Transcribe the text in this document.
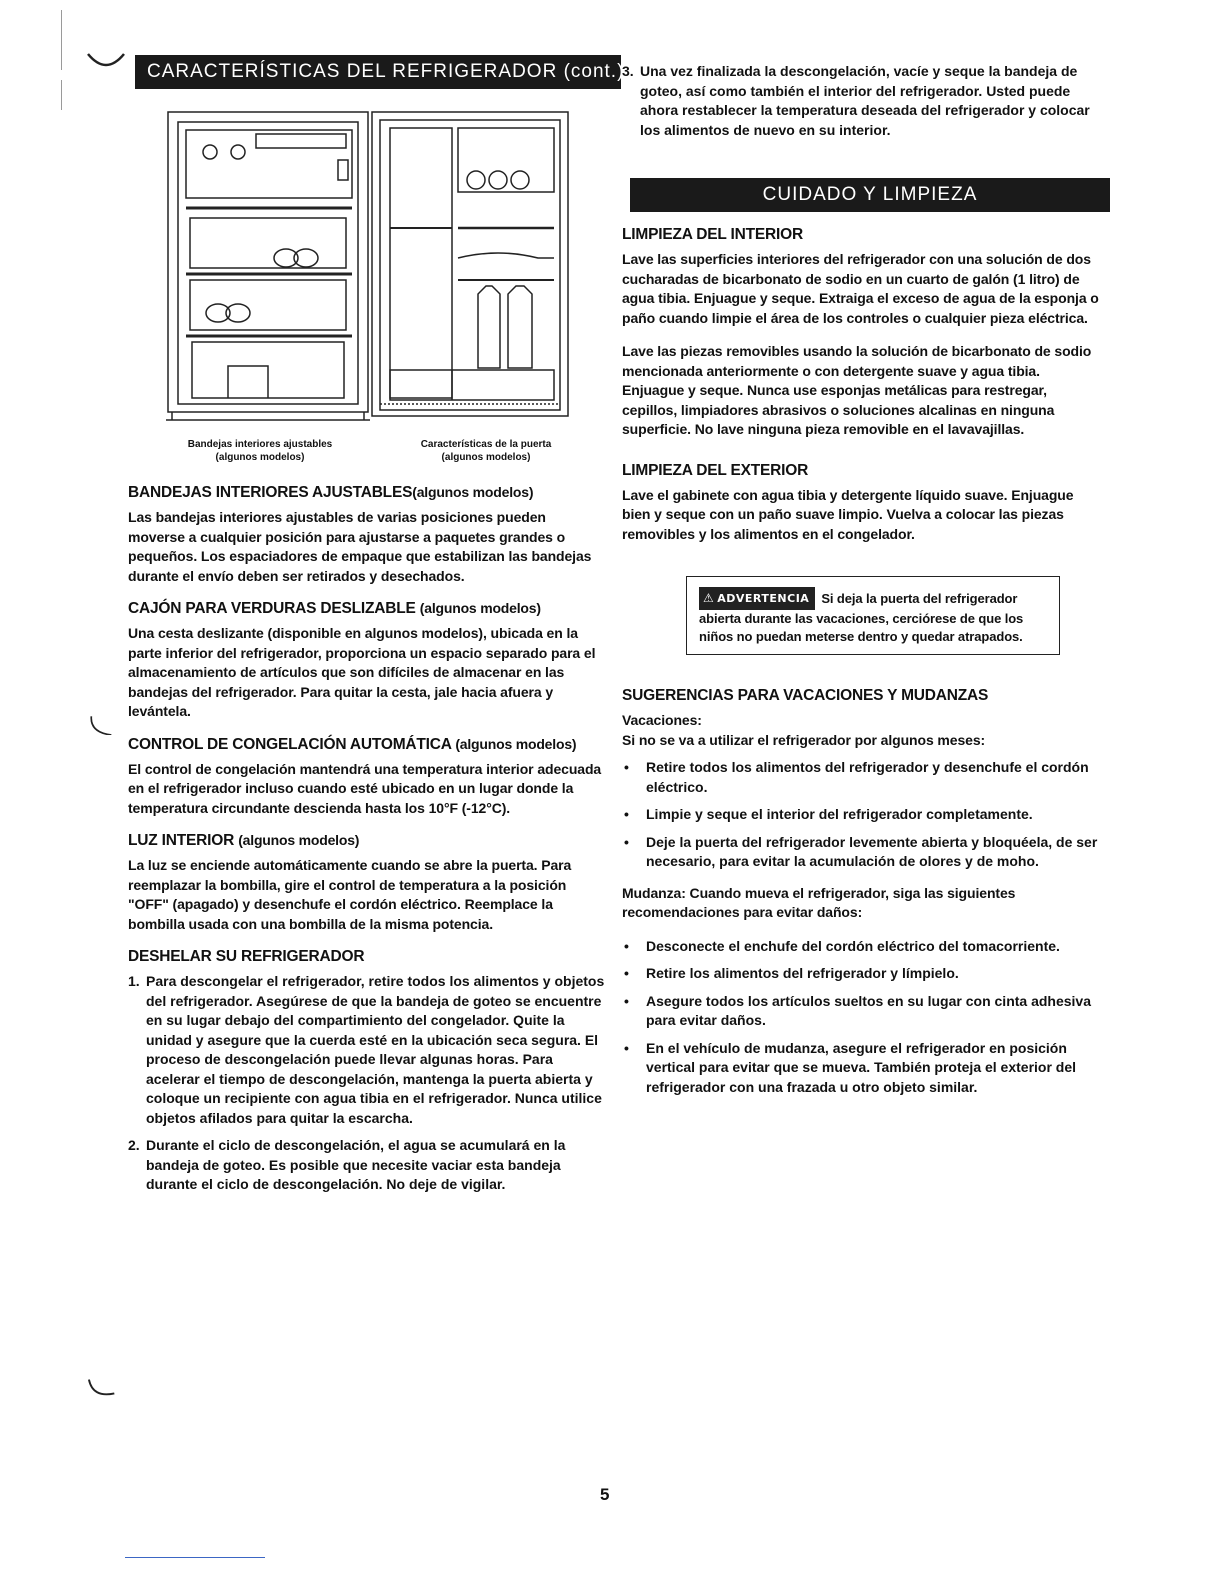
CARACTERÍSTICAS DEL REFRIGERADOR (cont.)
Bandejas interiores ajustables
(algunos modelos)
Características de la puerta
(algunos modelos)
BANDEJAS INTERIORES AJUSTABLES(algunos modelos)

Las bandejas interiores ajustables de varias posiciones pueden moverse a cualquier posición para ajustarse a paquetes grandes o pequeños. Los espaciadores de empaque que estabilizan las bandejas durante el envío deben ser retirados y desechados.

CAJÓN PARA VERDURAS DESLIZABLE (algunos modelos)

Una cesta deslizante (disponible en algunos modelos), ubicada en la parte inferior del refrigerador, proporciona un espacio separado para el almacenamiento de artículos que son difíciles de almacenar en las bandejas del refrigerador. Para quitar la cesta, jale hacia afuera y levántela.

CONTROL DE CONGELACIÓN AUTOMÁTICA (algunos modelos)

El control de congelación mantendrá una temperatura interior adecuada en el refrigerador incluso cuando esté ubicado en un lugar donde la temperatura circundante descienda hasta los 10°F (-12°C).

LUZ INTERIOR (algunos modelos)

La luz se enciende automáticamente cuando se abre la puerta. Para reemplazar la bombilla, gire el control de temperatura a la posición "OFF" (apagado) y desenchufe el cordón eléctrico. Reemplace la bombilla usada con una bombilla de la misma potencia.

DESHELAR SU REFRIGERADOR
1. Para descongelar el refrigerador, retire todos los alimentos y objetos del refrigerador. Asegúrese de que la bandeja de goteo se encuentre en su lugar debajo del compartimiento del congelador. Quite la unidad y asegure que la cuerda esté en la ubicación seca segura. El proceso de descongelación puede llevar algunas horas. Para acelerar el tiempo de descongelación, mantenga la puerta abierta y coloque un recipiente con agua tibia en el refrigerador. Nunca utilice objetos afilados para quitar la escarcha.
2. Durante el ciclo de descongelación, el agua se acumulará en la bandeja de goteo. Es posible que necesite vaciar esta bandeja durante el ciclo de descongelación. No deje de vigilar.
3. Una vez finalizada la descongelación, vacíe y seque la bandeja de goteo, así como también el interior del refrigerador. Usted puede ahora restablecer la temperatura deseada del refrigerador y colocar los alimentos de nuevo en su interior.
CUIDADO Y LIMPIEZA
LIMPIEZA DEL INTERIOR

Lave las superficies interiores del refrigerador con una solución de dos cucharadas de bicarbonato de sodio en un cuarto de galón (1 litro) de agua tibia. Enjuague y seque. Extraiga el exceso de agua de la esponja o paño cuando limpie el área de los controles o cualquier pieza eléctrica.

Lave las piezas removibles usando la solución de bicarbonato de sodio mencionada anteriormente o con detergente suave y agua tibia. Enjuague y seque. Nunca use esponjas metálicas para restregar, cepillos, limpiadores abrasivos o soluciones alcalinas en ninguna superficie. No lave ninguna pieza removible en el lavavajillas.

LIMPIEZA DEL EXTERIOR

Lave el gabinete con agua tibia y detergente líquido suave. Enjuague bien y seque con un paño suave limpio. Vuelva a colocar las piezas removibles y los alimentos en el congelador.

⚠ ADVERTENCIA Si deja la puerta del refrigerador abierta durante las vacaciones, cerciórese de que los niños no puedan meterse dentro y quedar atrapados.

SUGERENCIAS PARA VACACIONES Y MUDANZAS

Vacaciones:
Si no se va a utilizar el refrigerador por algunos meses:

• Retire todos los alimentos del refrigerador y desenchufe el cordón eléctrico.
• Limpie y seque el interior del refrigerador completamente.
• Deje la puerta del refrigerador levemente abierta y bloquéela, de ser necesario, para evitar la acumulación de olores y de moho.

Mudanza: Cuando mueva el refrigerador, siga las siguientes recomendaciones para evitar daños:

• Desconecte el enchufe del cordón eléctrico del tomacorriente.
• Retire los alimentos del refrigerador y límpielo.
• Asegure todos los artículos sueltos en su lugar con cinta adhesiva para evitar daños.
• En el vehículo de mudanza, asegure el refrigerador en posición vertical para evitar que se mueva. También proteja el exterior del refrigerador con una frazada u otro objeto similar.
5
